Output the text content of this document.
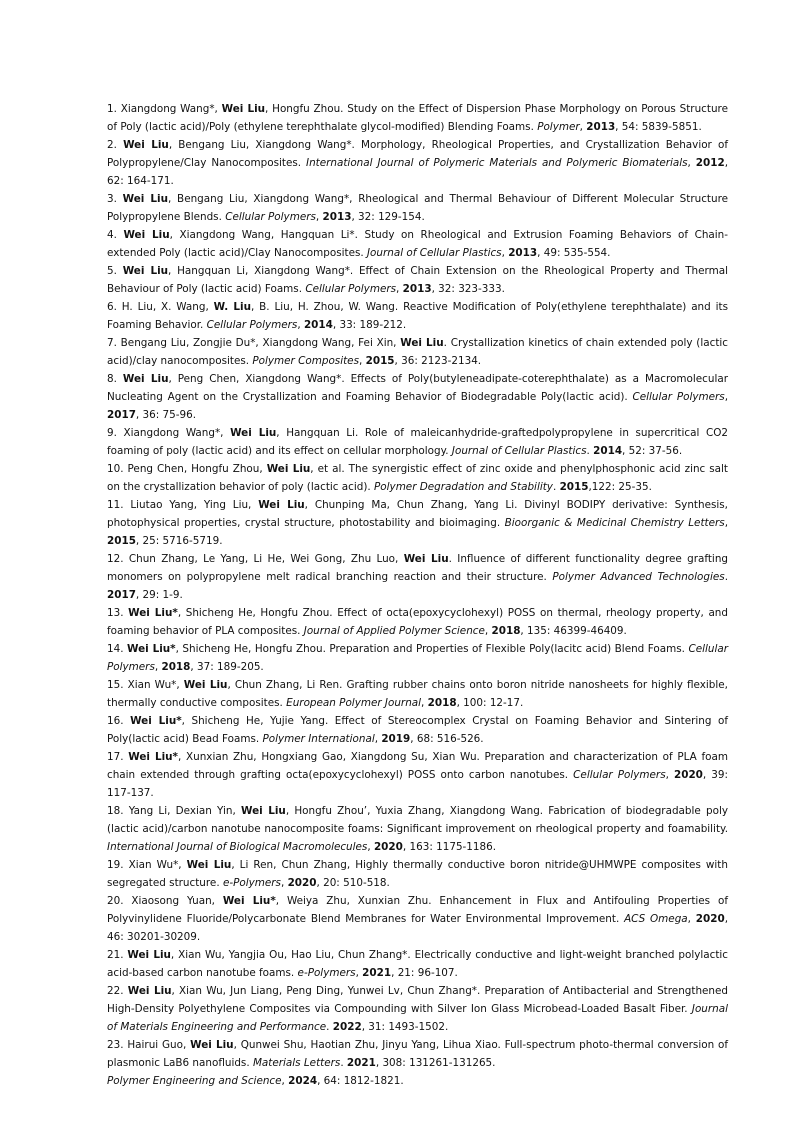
1. Xiangdong Wang*, Wei Liu, Hongfu Zhou. Study on the Effect of Dispersion Phase Morphology on Porous Structure of Poly (lactic acid)/Poly (ethylene terephthalate glycol-modified) Blending Foams. Polymer, 2013, 54: 5839-5851.

2. Wei Liu, Bengang Liu, Xiangdong Wang*. Morphology, Rheological Properties, and Crystallization Behavior of Polypropylene/Clay Nanocomposites. International Journal of Polymeric Materials and Polymeric Biomaterials, 2012, 62: 164-171.

3. Wei Liu, Bengang Liu, Xiangdong Wang*, Rheological and Thermal Behaviour of Different Molecular Structure Polypropylene Blends. Cellular Polymers, 2013, 32: 129-154.

4. Wei Liu, Xiangdong Wang, Hangquan Li*. Study on Rheological and Extrusion Foaming Behaviors of Chain-extended Poly (lactic acid)/Clay Nanocomposites. Journal of Cellular Plastics, 2013, 49: 535-554.

5. Wei Liu, Hangquan Li, Xiangdong Wang*. Effect of Chain Extension on the Rheological Property and Thermal Behaviour of Poly (lactic acid) Foams. Cellular Polymers, 2013, 32: 323-333.

6. H. Liu, X. Wang, W. Liu, B. Liu, H. Zhou, W. Wang. Reactive Modification of Poly(ethylene terephthalate) and its Foaming Behavior. Cellular Polymers, 2014, 33: 189-212.

7. Bengang Liu, Zongjie Du*, Xiangdong Wang, Fei Xin, Wei Liu. Crystallization kinetics of chain extended poly (lactic acid)/clay nanocomposites. Polymer Composites, 2015, 36: 2123-2134.

8. Wei Liu, Peng Chen, Xiangdong Wang*. Effects of Poly(butyleneadipate-coterephthalate) as a Macromolecular Nucleating Agent on the Crystallization and Foaming Behavior of Biodegradable Poly(lactic acid). Cellular Polymers, 2017, 36: 75-96.

9. Xiangdong Wang*, Wei Liu, Hangquan Li. Role of maleicanhydride-graftedpolypropylene in supercritical CO2 foaming of poly (lactic acid) and its effect on cellular morphology. Journal of Cellular Plastics. 2014, 52: 37-56.

10. Peng Chen, Hongfu Zhou, Wei Liu, et al. The synergistic effect of zinc oxide and phenylphosphonic acid zinc salt on the crystallization behavior of poly (lactic acid). Polymer Degradation and Stability. 2015,122: 25-35.

11. Liutao Yang, Ying Liu, Wei Liu, Chunping Ma, Chun Zhang, Yang Li. Divinyl BODIPY derivative: Synthesis, photophysical properties, crystal structure, photostability and bioimaging. Bioorganic & Medicinal Chemistry Letters, 2015, 25: 5716-5719.

12. Chun Zhang, Le Yang, Li He, Wei Gong, Zhu Luo, Wei Liu. Influence of different functionality degree grafting monomers on polypropylene melt radical branching reaction and their structure. Polymer Advanced Technologies. 2017, 29: 1-9.

13. Wei Liu*, Shicheng He, Hongfu Zhou. Effect of octa(epoxycyclohexyl) POSS on thermal, rheology property, and foaming behavior of PLA composites. Journal of Applied Polymer Science, 2018, 135: 46399-46409.

14. Wei Liu*, Shicheng He, Hongfu Zhou. Preparation and Properties of Flexible Poly(lacitc acid) Blend Foams. Cellular Polymers, 2018, 37: 189-205.

15. Xian Wu*, Wei Liu, Chun Zhang, Li Ren. Grafting rubber chains onto boron nitride nanosheets for highly flexible, thermally conductive composites. European Polymer Journal, 2018, 100: 12-17.

16. Wei Liu*, Shicheng He, Yujie Yang. Effect of Stereocomplex Crystal on Foaming Behavior and Sintering of Poly(lactic acid) Bead Foams. Polymer International, 2019, 68: 516-526.

17. Wei Liu*, Xunxian Zhu, Hongxiang Gao, Xiangdong Su, Xian Wu. Preparation and characterization of PLA foam chain extended through grafting octa(epoxycyclohexyl) POSS onto carbon nanotubes. Cellular Polymers, 2020, 39: 117-137.

18. Yang Li, Dexian Yin, Wei Liu, Hongfu Zhou’, Yuxia Zhang, Xiangdong Wang. Fabrication of biodegradable poly (lactic acid)/carbon nanotube nanocomposite foams: Significant improvement on rheological property and foamability. International Journal of Biological Macromolecules, 2020, 163: 1175-1186.

19. Xian Wu*, Wei Liu, Li Ren, Chun Zhang, Highly thermally conductive boron nitride@UHMWPE composites with segregated structure. e-Polymers, 2020, 20: 510-518.

20. Xiaosong Yuan, Wei Liu*, Weiya Zhu, Xunxian Zhu. Enhancement in Flux and Antifouling Properties of Polyvinylidene Fluoride/Polycarbonate Blend Membranes for Water Environmental Improvement. ACS Omega, 2020, 46: 30201-30209.

21. Wei Liu, Xian Wu, Yangjia Ou, Hao Liu, Chun Zhang*. Electrically conductive and light-weight branched polylactic acid-based carbon nanotube foams. e-Polymers, 2021, 21: 96-107.

22. Wei Liu, Xian Wu, Jun Liang, Peng Ding, Yunwei Lv, Chun Zhang*. Preparation of Antibacterial and Strengthened High-Density Polyethylene Composites via Compounding with Silver Ion Glass Microbead-Loaded Basalt Fiber. Journal of Materials Engineering and Performance. 2022, 31: 1493-1502.

23. Hairui Guo, Wei Liu, Qunwei Shu, Haotian Zhu, Jinyu Yang, Lihua Xiao. Full-spectrum photo-thermal conversion of plasmonic LaB6 nanofluids. Materials Letters. 2021, 308: 131261-131265.

Polymer Engineering and Science, 2024, 64: 1812-1821.
